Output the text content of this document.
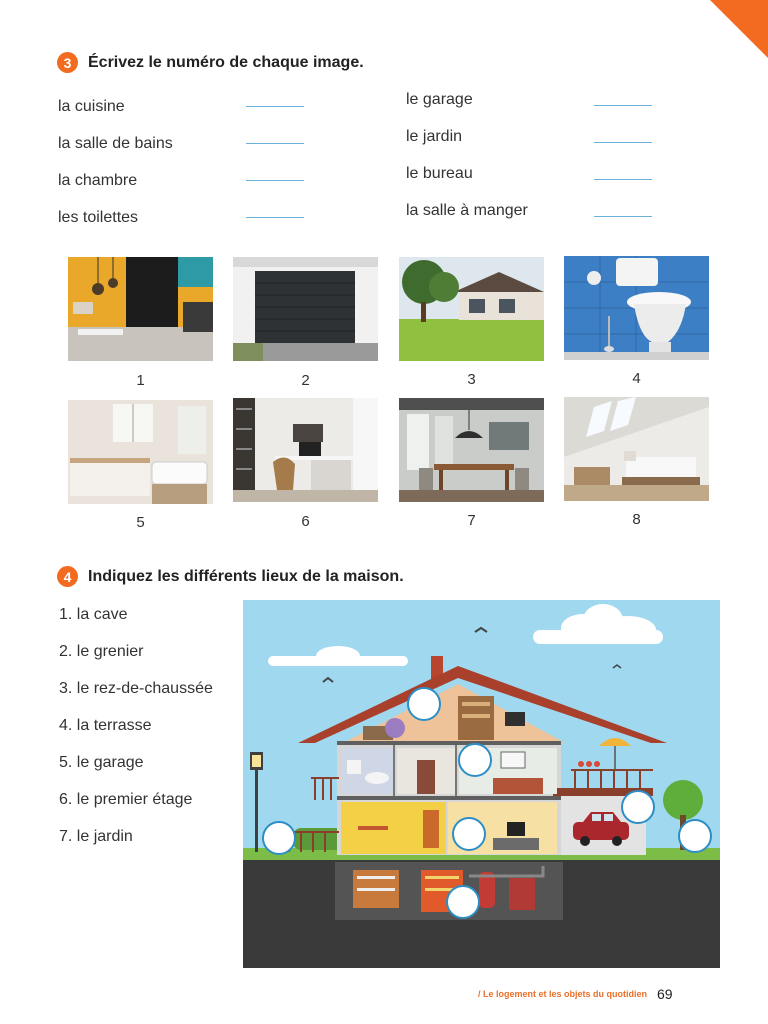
3	Écrivez le numéro de chaque image.
la cuisine
la salle de bains
la chambre
les toilettes
le garage
le jardin
le bureau
la salle à manger
1	2	3	4
5	6	7	8
4	Indiquez les différents lieux de la maison.
1. la cave
2. le grenier
3. le rez-de-chaussée
4. la terrasse
5. le garage
6. le premier étage
7. le jardin
/ Le logement et les objets du quotidien 69
